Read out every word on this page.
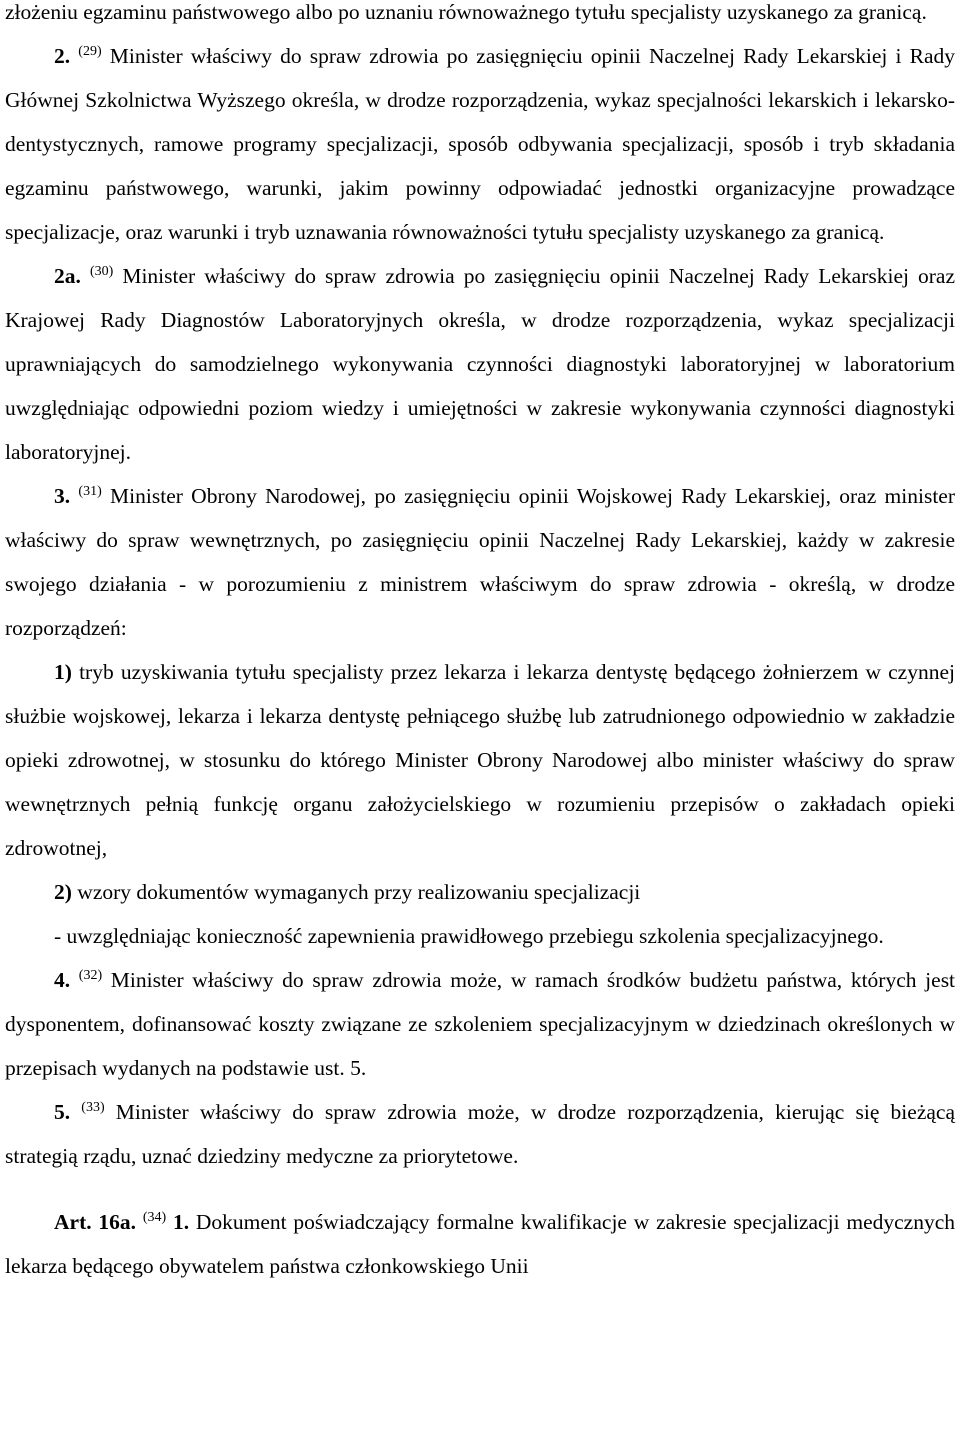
złożeniu egzaminu państwowego albo po uznaniu równoważnego tytułu specjalisty uzyskanego za granicą.

2. $^{(29)}$ Minister właściwy do spraw zdrowia po zasięgnięciu opinii Naczelnej Rady Lekarskiej i Rady Głównej Szkolnictwa Wyższego określa, w drodze rozporządzenia, wykaz specjalności lekarskich i lekarsko-dentystycznych, ramowe programy specjalizacji, sposób odbywania specjalizacji, sposób i tryb składania egzaminu państwowego, warunki, jakim powinny odpowiadać jednostki organizacyjne prowadzące specjalizacje, oraz warunki i tryb uznawania równoważności tytułu specjalisty uzyskanego za granicą.

2a. $^{(30)}$ Minister właściwy do spraw zdrowia po zasięgnięciu opinii Naczelnej Rady Lekarskiej oraz Krajowej Rady Diagnostów Laboratoryjnych określa, w drodze rozporządzenia, wykaz specjalizacji uprawniających do samodzielnego wykonywania czynności diagnostyki laboratoryjnej w laboratorium uwzględniając odpowiedni poziom wiedzy i umiejętności w zakresie wykonywania czynności diagnostyki laboratoryjnej.

3. $^{(31)}$ Minister Obrony Narodowej, po zasięgnięciu opinii Wojskowej Rady Lekarskiej, oraz minister właściwy do spraw wewnętrznych, po zasięgnięciu opinii Naczelnej Rady Lekarskiej, każdy w zakresie swojego działania - w porozumieniu z ministrem właściwym do spraw zdrowia - określą, w drodze rozporządzeń:

1) tryb uzyskiwania tytułu specjalisty przez lekarza i lekarza dentystę będącego żołnierzem w czynnej służbie wojskowej, lekarza i lekarza dentystę pełniącego służbę lub zatrudnionego odpowiednio w zakładzie opieki zdrowotnej, w stosunku do którego Minister Obrony Narodowej albo minister właściwy do spraw wewnętrznych pełnią funkcję organu założycielskiego w rozumieniu przepisów o zakładach opieki zdrowotnej,

2) wzory dokumentów wymaganych przy realizowaniu specjalizacji

- uwzględniając konieczność zapewnienia prawidłowego przebiegu szkolenia specjalizacyjnego.

4. $^{(32)}$ Minister właściwy do spraw zdrowia może, w ramach środków budżetu państwa, których jest dysponentem, dofinansować koszty związane ze szkoleniem specjalizacyjnym w dziedzinach określonych w przepisach wydanych na podstawie ust. 5.

5. $^{(33)}$ Minister właściwy do spraw zdrowia może, w drodze rozporządzenia, kierując się bieżącą strategią rządu, uznać dziedziny medyczne za priorytetowe.

Art. 16a. $^{(34)}$ 1. Dokument poświadczający formalne kwalifikacje w zakresie specjalizacji medycznych lekarza będącego obywatelem państwa członkowskiego Unii
